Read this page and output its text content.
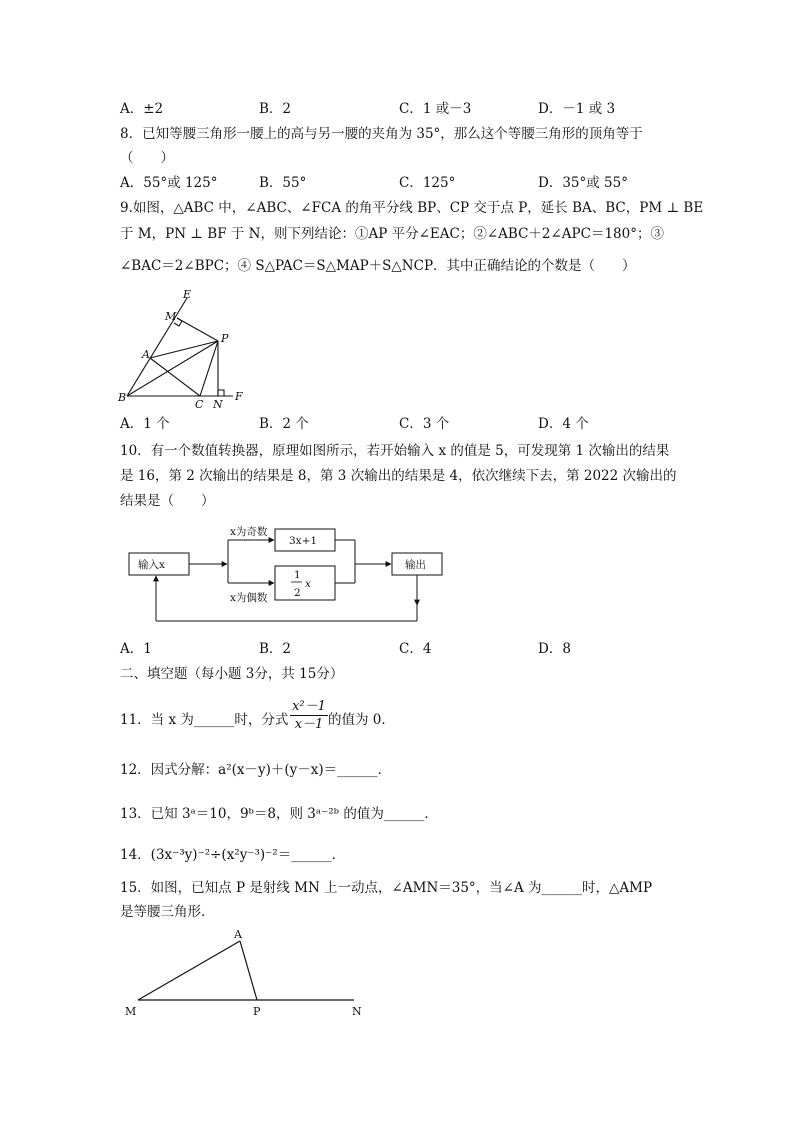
A．±2	B．2	C．1 或－3	D．－1 或 3
8．已知等腰三角形一腰上的高与另一腰的夹角为 35°，那么这个等腰三角形的顶角等于
（　　）
A．55°或 125°	B．55°	C．125°	D．35°或 55°
9.如图，△ABC 中，∠ABC、∠FCA 的角平分线 BP、CP 交于点 P，延长 BA、BC，PM ⊥ BE
于 M，PN ⊥ BF 于 N，则下列结论：①AP 平分∠EAC；②∠ABC＋2∠APC＝180°；③
∠BAC＝2∠BPC；④ S△PAC＝S△MAP＋S△NCP．其中正确结论的个数是（　　）
E
M
P
A
B
C N
F
A．1 个	B．2 个	C．3 个	D．4 个
10．有一个数值转换器，原理如图所示，若开始输入 x 的值是 5，可发现第 1 次输出的结果
是 16，第 2 次输出的结果是 8，第 3 次输出的结果是 4，依次继续下去，第 2022 次输出的
结果是（　　）
输入x
x为奇数
x为偶数
3x+1
1
2
x
输出
A．1	B．2	C．4	D．8
二、填空题（每小题 3分，共 15分）
11．当 x 为______时，分式 $\frac{\text{x²－1}}{x-1}$ 的值为 0．
12．因式分解：a²(x－y)＋(y－x)＝______．
13．已知 3ᵃ＝10，9ᵇ＝8，则 3ᵃ⁻²ᵇ 的值为______．
14．(3x⁻³y)⁻²÷(x²y⁻³)⁻²＝______．
15．如图，已知点 P 是射线 MN 上一动点，∠AMN＝35°，当∠A 为______时，△AMP
是等腰三角形．
A
M	P	N
